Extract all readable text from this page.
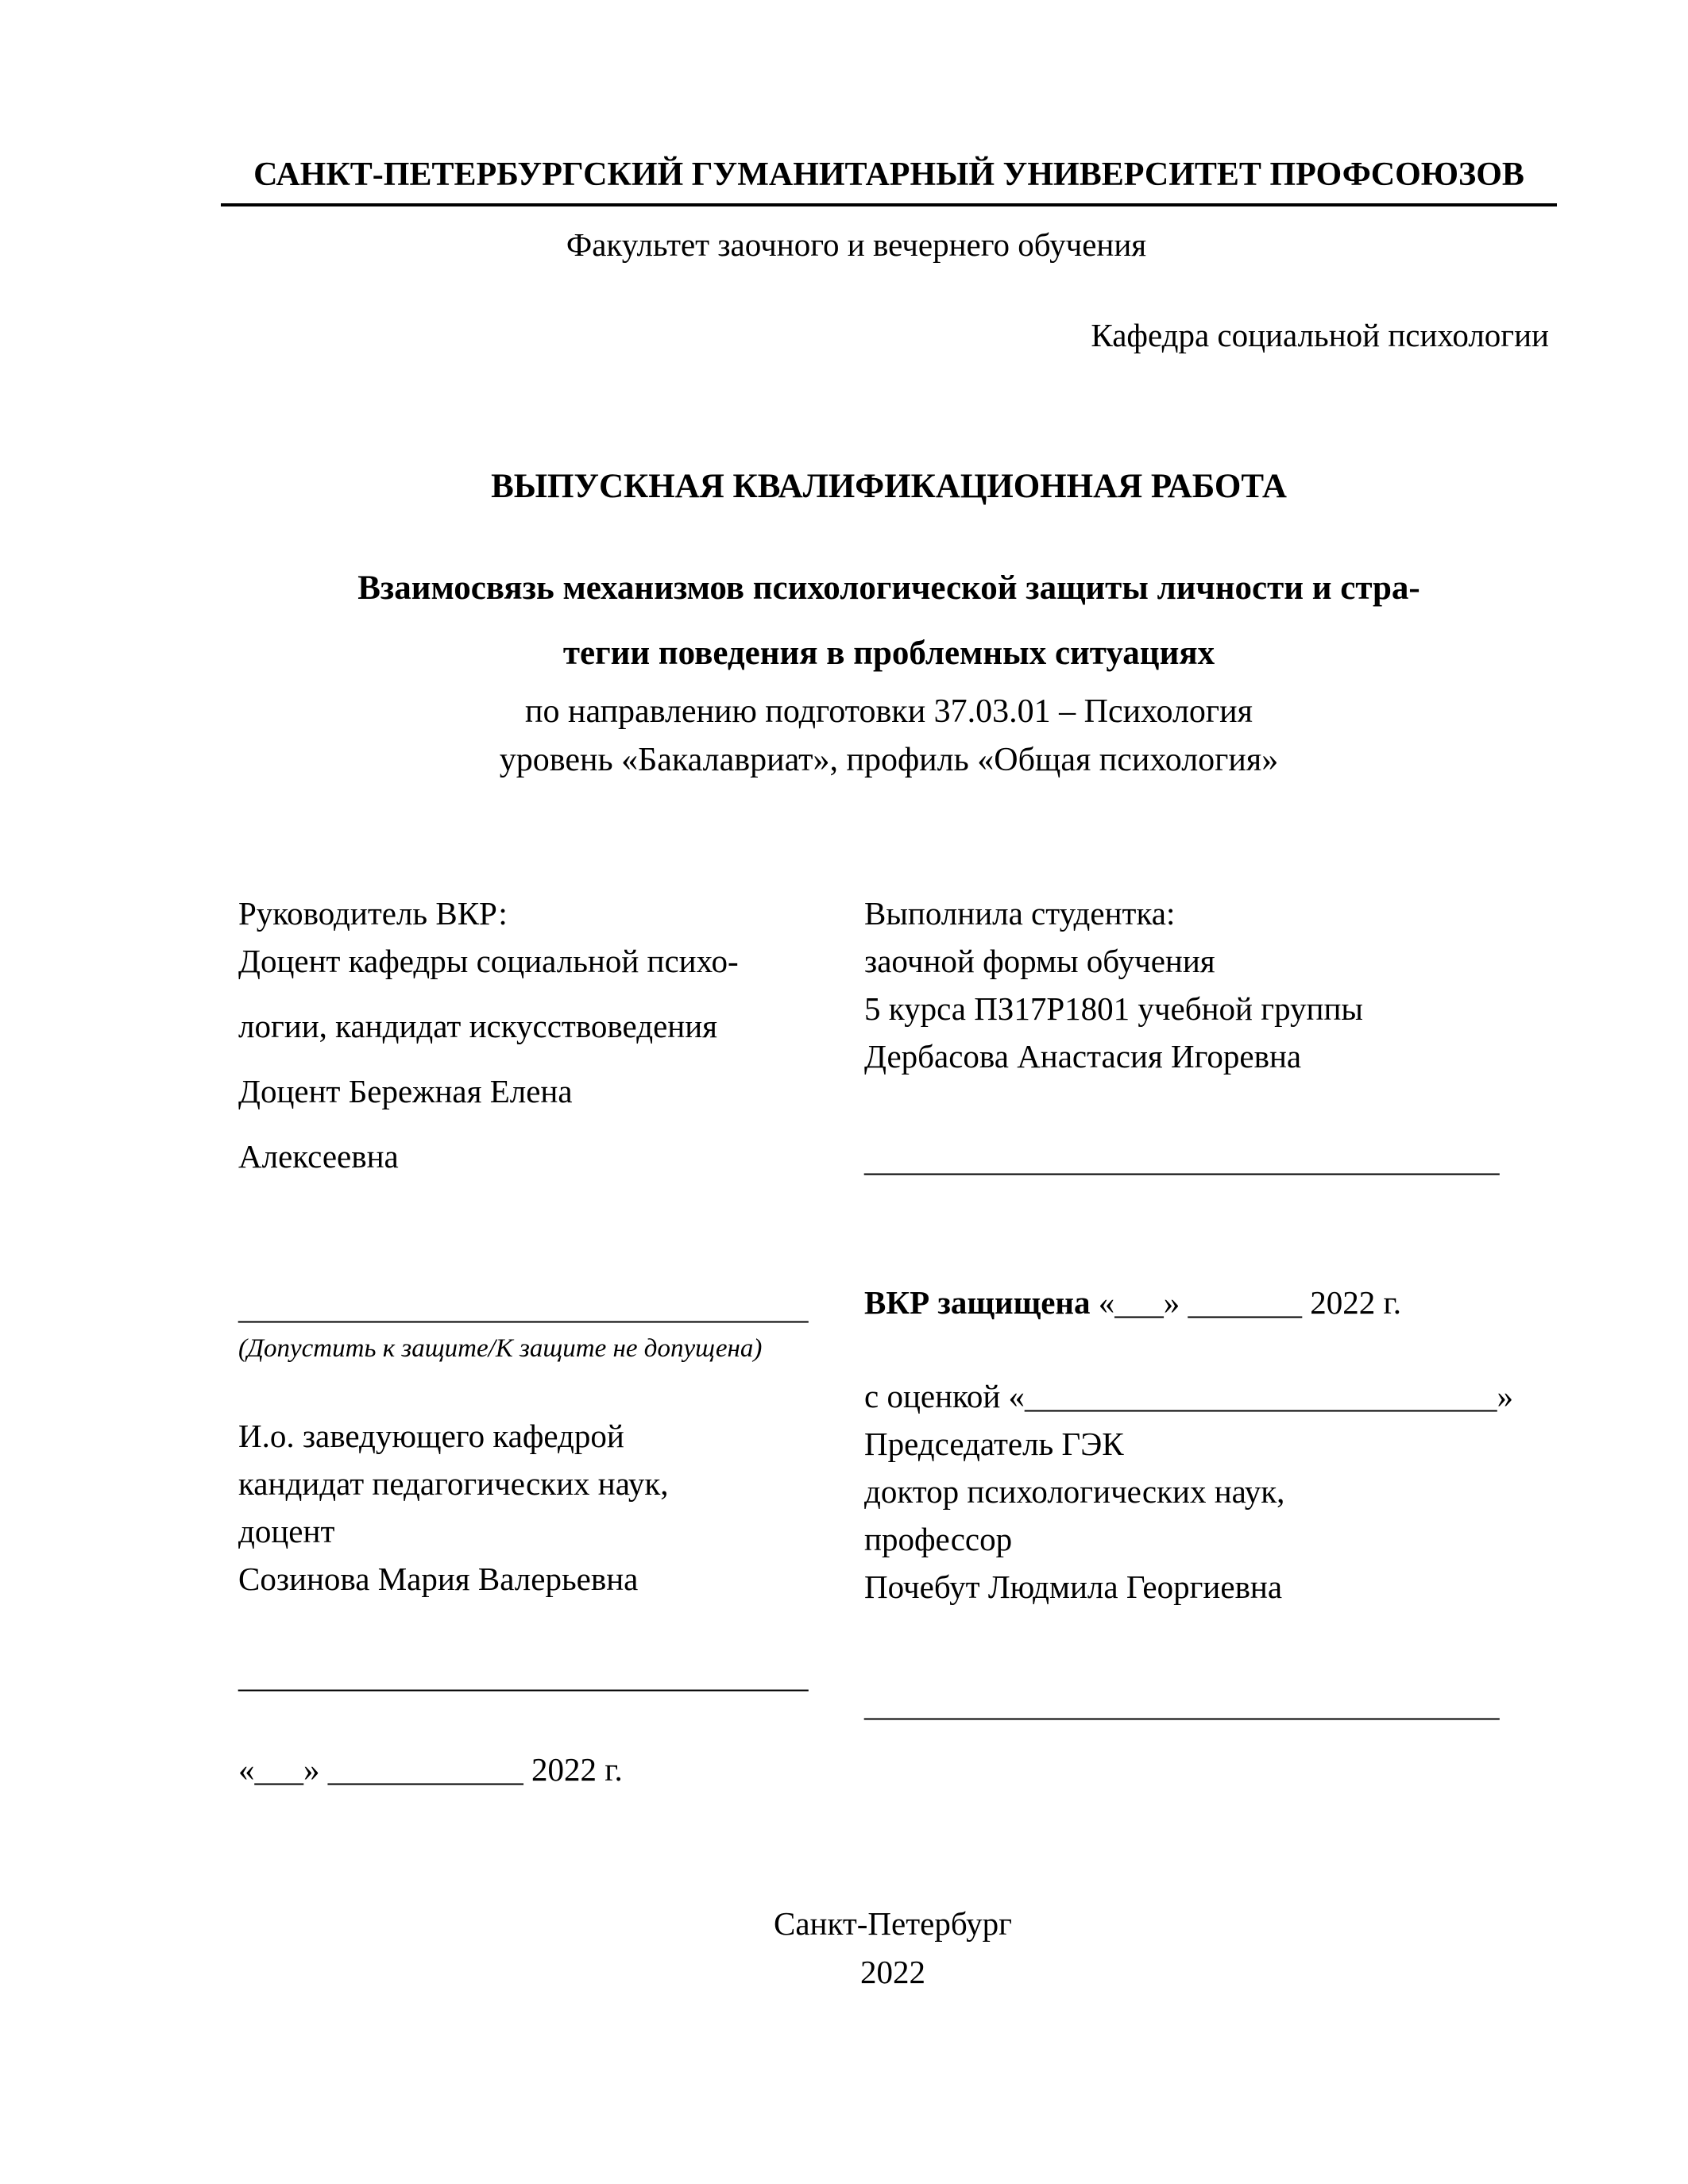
САНКТ-ПЕТЕРБУРГСКИЙ ГУМАНИТАРНЫЙ УНИВЕРСИТЕТ ПРОФСОЮЗОВ
Факультет заочного и вечернего обучения
Кафедра социальной психологии
ВЫПУСКНАЯ КВАЛИФИКАЦИОННАЯ РАБОТА
Взаимосвязь механизмов психологической защиты личности и стра-
тегии поведения в проблемных ситуациях
по направлению подготовки 37.03.01 – Психология
уровень «Бакалавриат», профиль «Общая психология»
Руководитель ВКР:
Доцент кафедры социальной психо-
логии, кандидат искусствоведения
Доцент Бережная Елена
Алексеевна
___________________________________
(Допустить к защите/К защите не допущена)
И.о. заведующего кафедрой
кандидат педагогических наук,
доцент
Созинова Мария Валерьевна
___________________________________
«___» ____________ 2022 г.
Выполнила студентка:
заочной формы обучения
5 курса ПЗ17Р1801 учебной группы
Дербасова Анастасия Игоревна
_______________________________________
ВКР защищена «___» _______ 2022 г.
с оценкой «_____________________________»
Председатель ГЭК
доктор психологических наук,
профессор
Почебут Людмила Георгиевна
_______________________________________
Санкт-Петербург
2022
